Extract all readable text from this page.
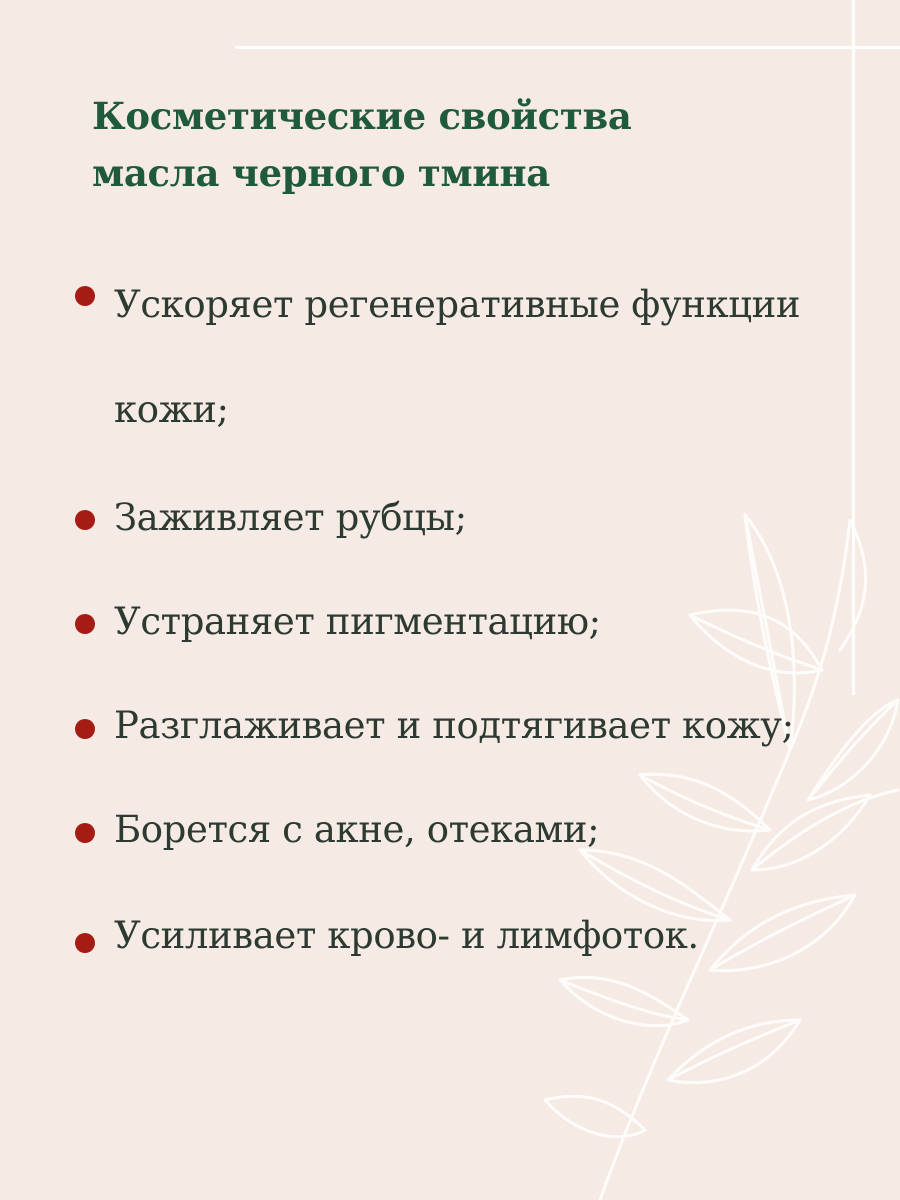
Косметические свойства
масла черного тмина
Ускоряет регенеративные функции кожи;
Заживляет рубцы;
Устраняет пигментацию;
Разглаживает и подтягивает кожу;
Борется с акне, отеками;
Усиливает крово- и лимфоток.
